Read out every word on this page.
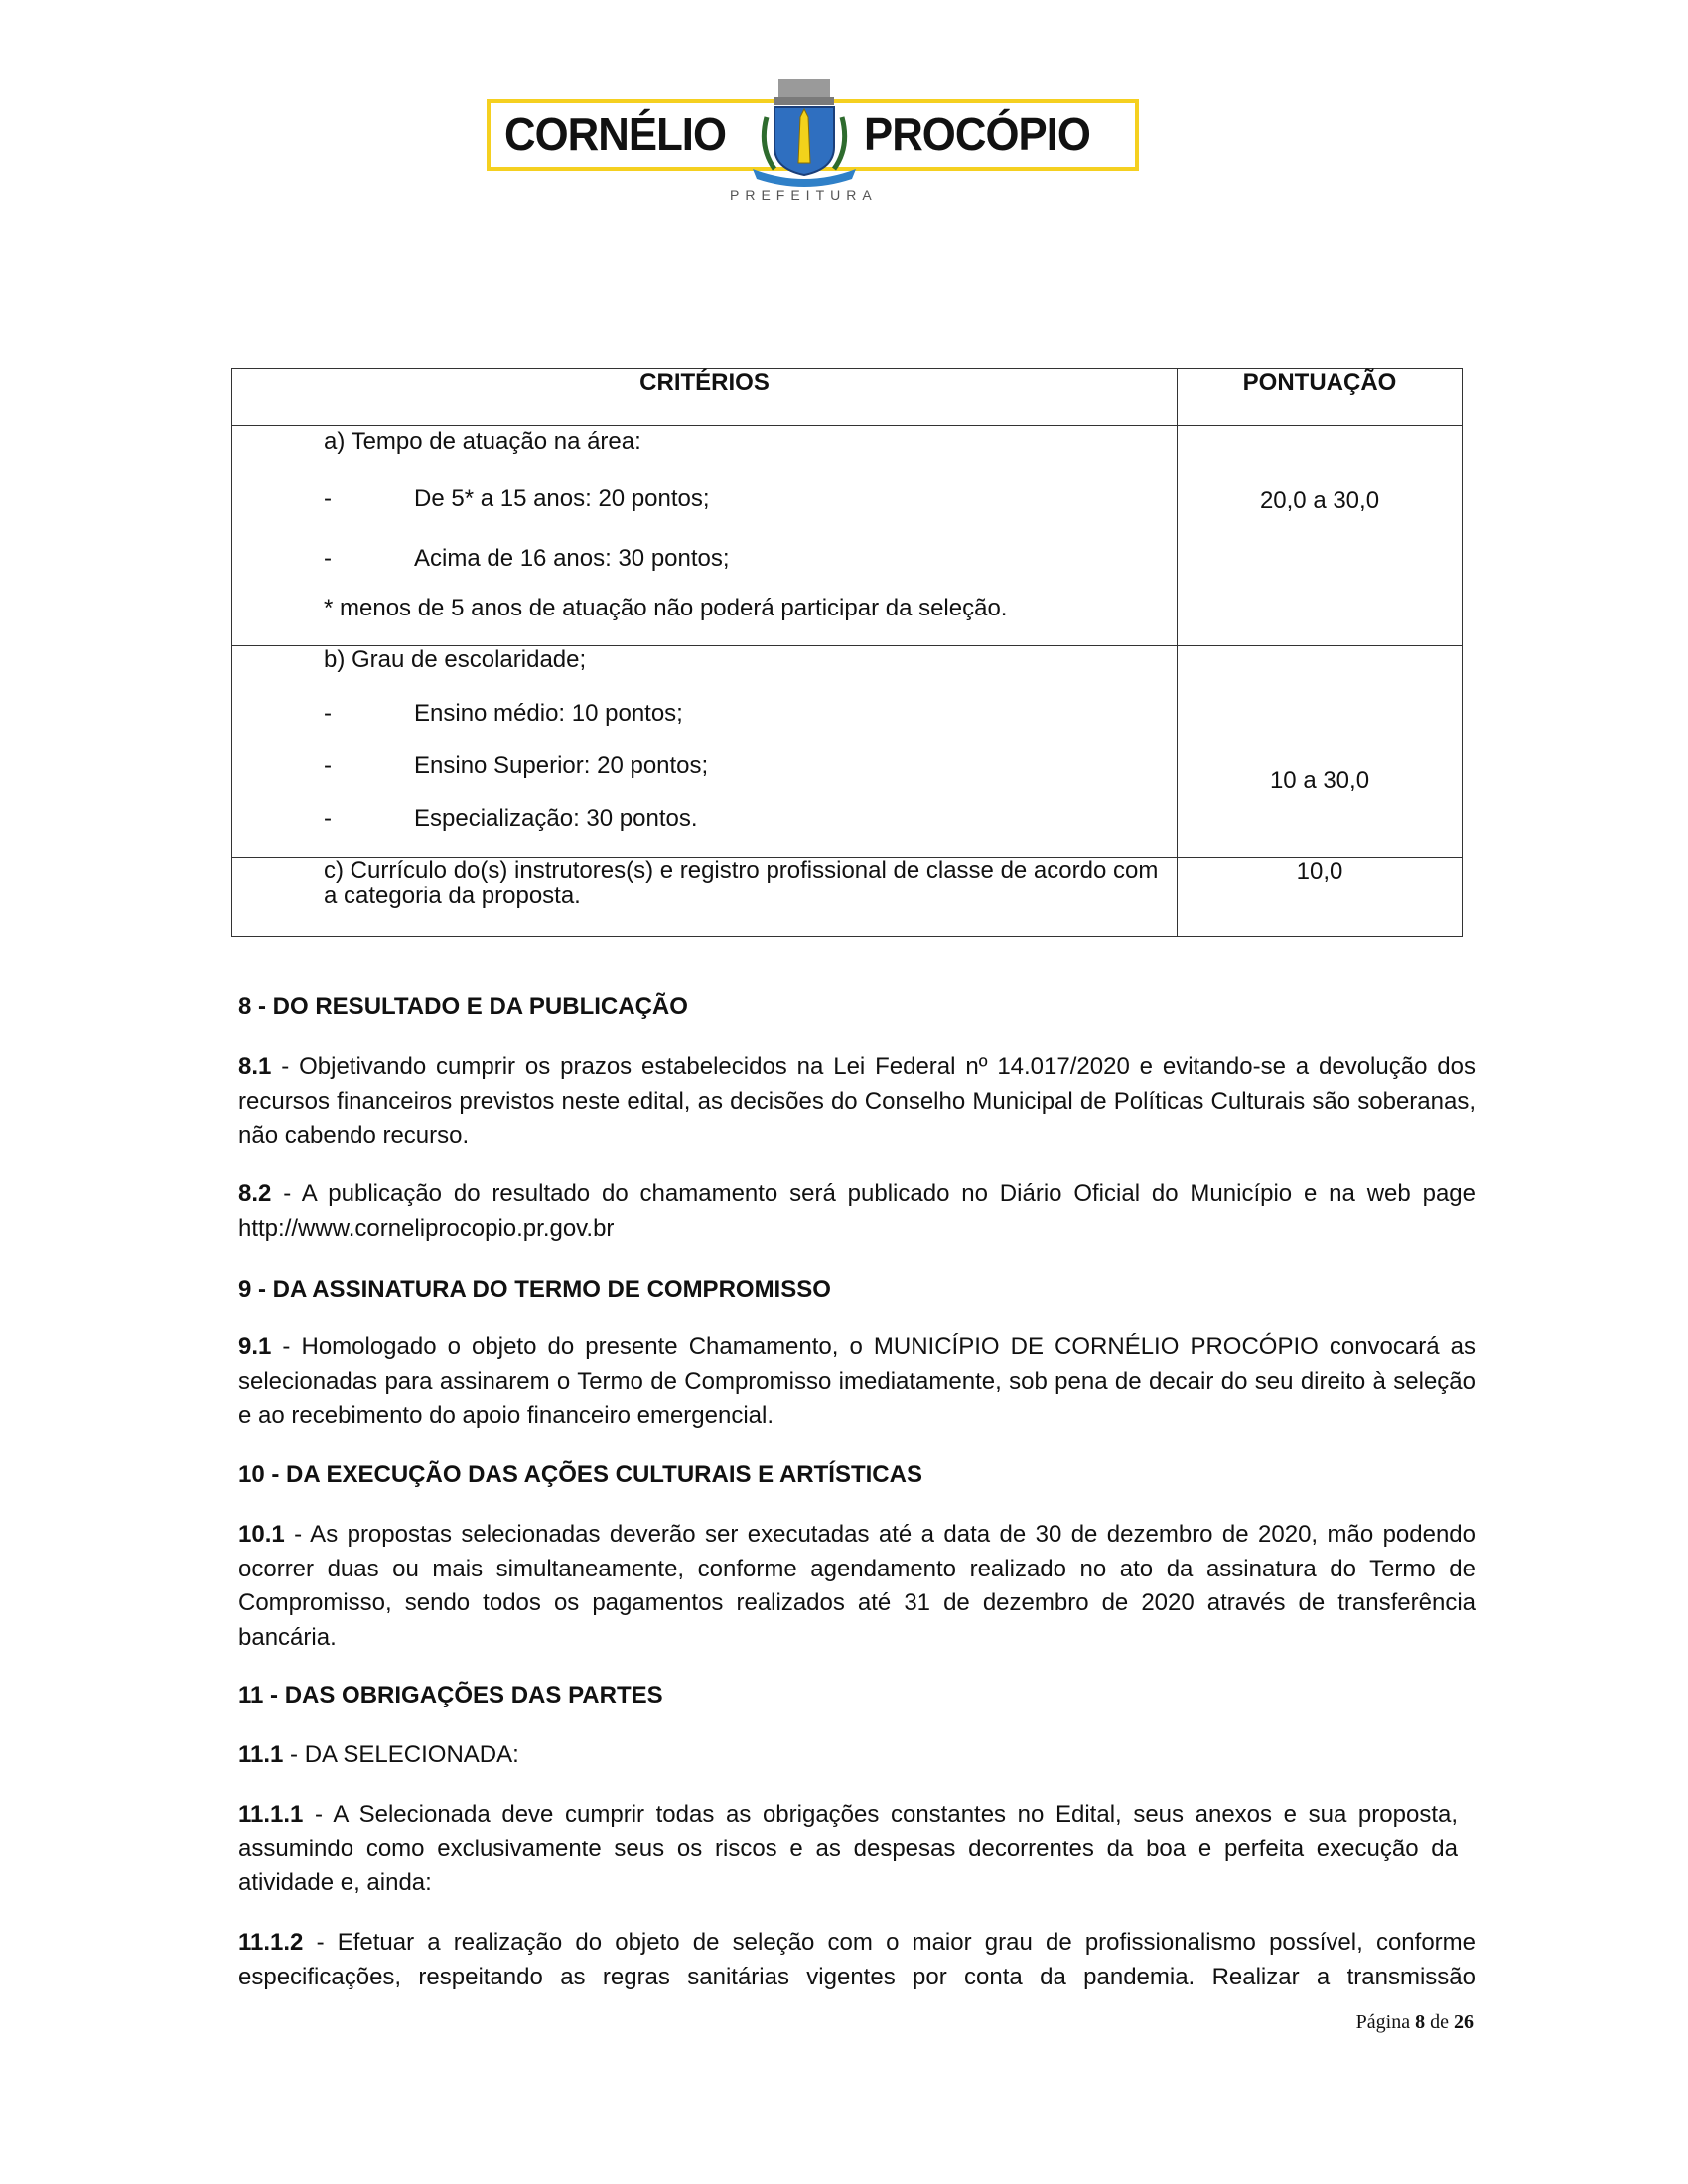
CORNÉLIO	PROCÓPIO
PREFEITURA
CRITÉRIOS	PONTUAÇÃO

a) Tempo de atuação na área:
- De 5* a 15 anos: 20 pontos;
- Acima de 16 anos: 30 pontos;
* menos de 5 anos de atuação não poderá participar da seleção.	20,0 a 30,0

b) Grau de escolaridade;
- Ensino médio: 10 pontos;
- Ensino Superior: 20 pontos;
- Especialização: 30 pontos.	10 a 30,0
c) Currículo do(s) instrutores(s) e registro profissional de classe de acordo com a categoria da proposta.	10,0
8 - DO RESULTADO E DA PUBLICAÇÃO
8.1 - Objetivando cumprir os prazos estabelecidos na Lei Federal nº 14.017/2020 e evitando-se a devolução dos recursos financeiros previstos neste edital, as decisões do Conselho Municipal de Políticas Culturais são soberanas, não cabendo recurso.
8.2 - A publicação do resultado do chamamento será publicado no Diário Oficial do Município e na web page http://www.corneliprocopio.pr.gov.br
9 - DA ASSINATURA DO TERMO DE COMPROMISSO
9.1 - Homologado o objeto do presente Chamamento, o MUNICÍPIO DE CORNÉLIO PROCÓPIO convocará as selecionadas para assinarem o Termo de Compromisso imediatamente, sob pena de decair do seu direito à seleção e ao recebimento do apoio financeiro emergencial.
10 - DA EXECUÇÃO DAS AÇÕES CULTURAIS E ARTÍSTICAS
10.1 - As propostas selecionadas deverão ser executadas até a data de 30 de dezembro de 2020, mão podendo ocorrer duas ou mais simultaneamente, conforme agendamento realizado no ato da assinatura do Termo de Compromisso, sendo todos os pagamentos realizados até 31 de dezembro de 2020 através de transferência bancária.
11 - DAS OBRIGAÇÕES DAS PARTES
11.1 - DA SELECIONADA:
11.1.1 - A Selecionada deve cumprir todas as obrigações constantes no Edital, seus anexos e sua proposta, assumindo como exclusivamente seus os riscos e as despesas decorrentes da boa e perfeita execução da atividade e, ainda:
11.1.2 - Efetuar a realização do objeto de seleção com o maior grau de profissionalismo possível, conforme especificações, respeitando as regras sanitárias vigentes por conta da pandemia. Realizar a transmissão
Página 8 de 26
